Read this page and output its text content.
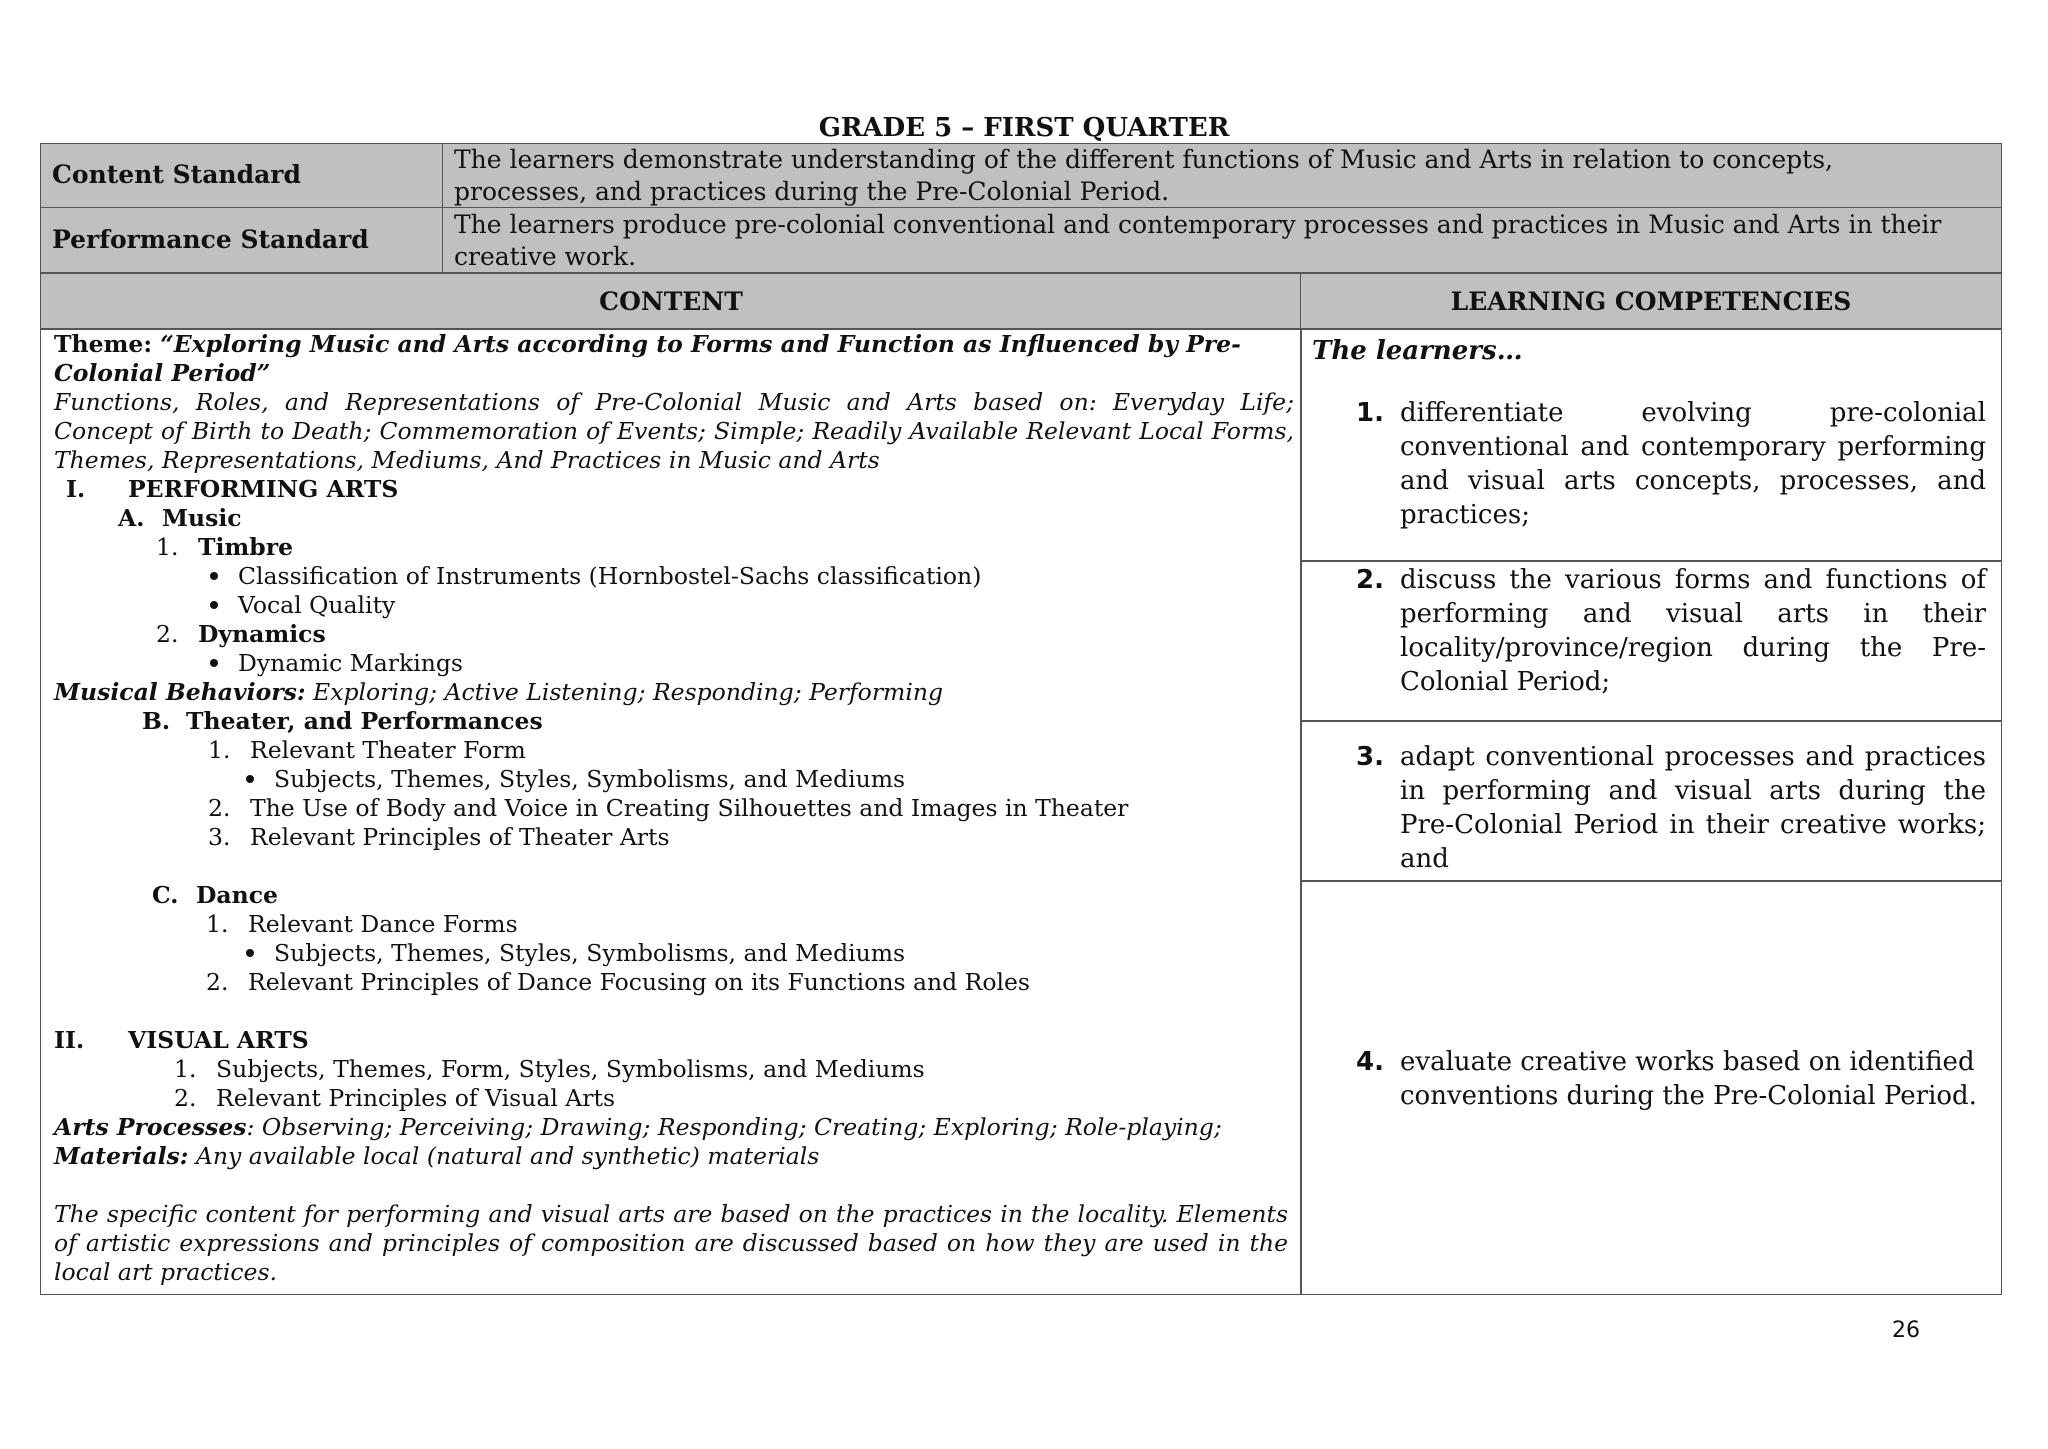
GRADE 5 – FIRST QUARTER
Content Standard
The learners demonstrate understanding of the different functions of Music and Arts in relation to concepts, processes, and practices during the Pre-Colonial Period.
Performance Standard
The learners produce pre-colonial conventional and contemporary processes and practices in Music and Arts in their creative work.
CONTENT	LEARNING COMPETENCIES
Theme: “Exploring Music and Arts according to Forms and Function as Influenced by Pre-Colonial Period”
Functions, Roles, and Representations of Pre-Colonial Music and Arts based on: Everyday Life; Concept of Birth to Death; Commemoration of Events; Simple; Readily Available Relevant Local Forms, Themes, Representations, Mediums, And Practices in Music and Arts
I. PERFORMING ARTS
A. Music
1. Timbre
Classification of Instruments (Hornbostel-Sachs classification)
Vocal Quality
2. Dynamics
Dynamic Markings
Musical Behaviors: Exploring; Active Listening; Responding; Performing
B. Theater, and Performances
1. Relevant Theater Form
Subjects, Themes, Styles, Symbolisms, and Mediums
2. The Use of Body and Voice in Creating Silhouettes and Images in Theater
3. Relevant Principles of Theater Arts
C. Dance
1. Relevant Dance Forms
Subjects, Themes, Styles, Symbolisms, and Mediums
2. Relevant Principles of Dance Focusing on its Functions and Roles
II. VISUAL ARTS
1. Subjects, Themes, Form, Styles, Symbolisms, and Mediums
2. Relevant Principles of Visual Arts
Arts Processes: Observing; Perceiving; Drawing; Responding; Creating; Exploring; Role-playing;
Materials: Any available local (natural and synthetic) materials
The specific content for performing and visual arts are based on the practices in the locality. Elements of artistic expressions and principles of composition are discussed based on how they are used in the local art practices.
The learners…
1. differentiate evolving pre-colonial conventional and contemporary performing and visual arts concepts, processes, and practices;
2. discuss the various forms and functions of performing and visual arts in their locality/province/region during the Pre-Colonial Period;
3. adapt conventional processes and practices in performing and visual arts during the Pre-Colonial Period in their creative works; and
4. evaluate creative works based on identified conventions during the Pre-Colonial Period.
26
